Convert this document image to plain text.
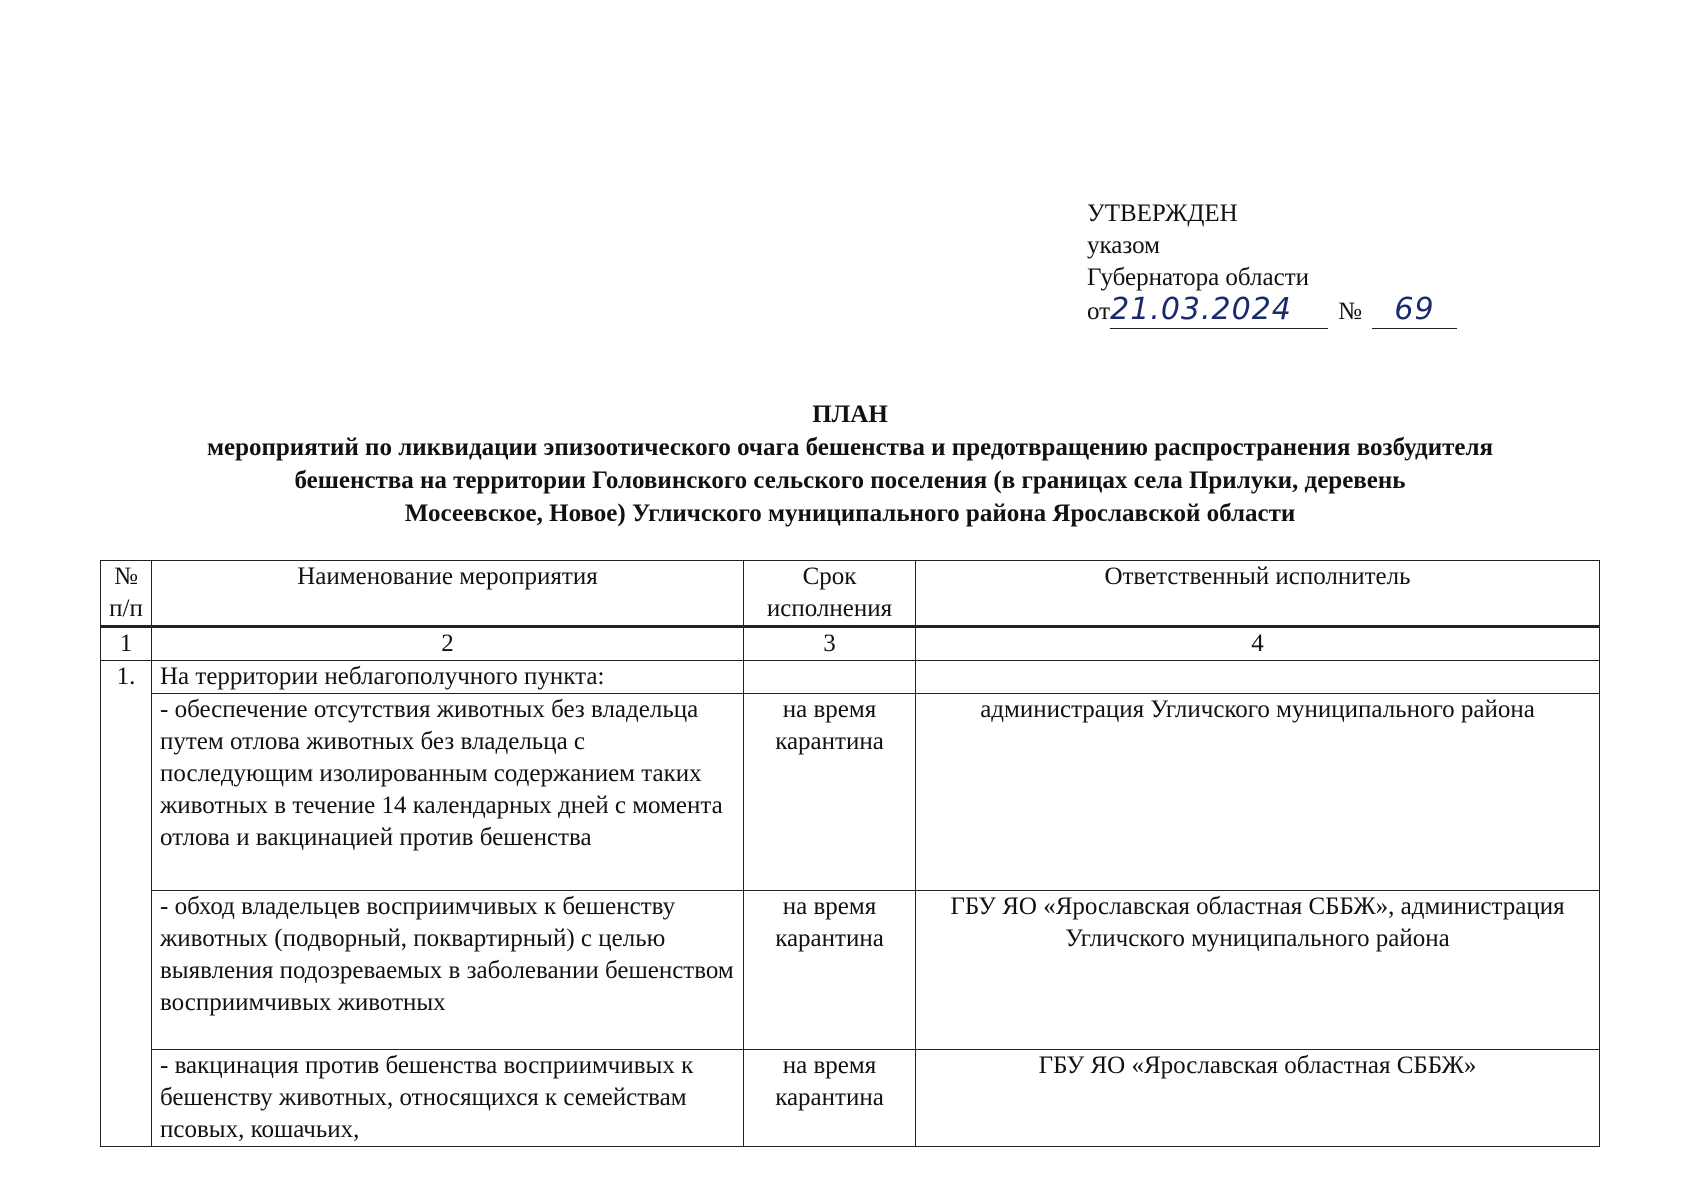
УТВЕРЖДЕН
указом
Губернатора области
от21.03.2024 № 69
ПЛАН
мероприятий по ликвидации эпизоотического очага бешенства и предотвращению распространения возбудителя
бешенства на территории Головинского сельского поселения (в границах села Прилуки, деревень
Мосеевское, Новое) Угличского муниципального района Ярославской области
№ п/п	Наименование мероприятия	Срок исполнения	Ответственный исполнитель
1	2	3	4
1.	На территории неблагополучного пункта:		
	- обеспечение отсутствия животных без владельца путем отлова животных без владельца с последующим изолированным содержанием таких животных в течение 14 календарных дней с момента отлова и вакцинацией против бешенства	на время карантина	администрация Угличского муниципального района
	- обход владельцев восприимчивых к бешенству животных (подворный, поквартирный) с целью выявления подозреваемых в заболевании бешенством восприимчивых животных	на время карантина	ГБУ ЯО «Ярославская областная СББЖ», администрация Угличского муниципального района
	- вакцинация против бешенства восприимчивых к бешенству животных, относящихся к семействам псовых, кошачьих,	на время карантина	ГБУ ЯО «Ярославская областная СББЖ»
